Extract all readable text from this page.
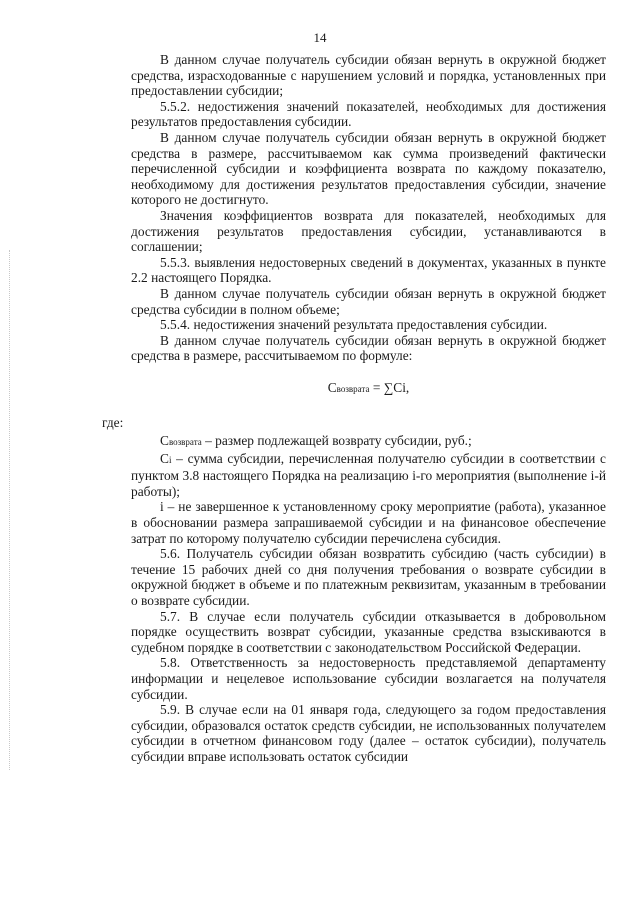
14

В данном случае получатель субсидии обязан вернуть в окружной бюджет средства, израсходованные с нарушением условий и порядка, установленных при предоставлении субсидии;

5.5.2. недостижения значений показателей, необходимых для достижения результатов предоставления субсидии.

В данном случае получатель субсидии обязан вернуть в окружной бюджет средства в размере, рассчитываемом как сумма произведений фактически перечисленной субсидии и коэффициента возврата по каждому показателю, необходимому для достижения результатов предоставления субсидии, значение которого не достигнуто.

Значения коэффициентов возврата для показателей, необходимых для достижения результатов предоставления субсидии, устанавливаются в соглашении;

5.5.3. выявления недостоверных сведений в документах, указанных в пункте 2.2 настоящего Порядка.

В данном случае получатель субсидии обязан вернуть в окружной бюджет средства субсидии в полном объеме;

5.5.4. недостижения значений результата предоставления субсидии.

В данном случае получатель субсидии обязан вернуть в окружной бюджет средства в размере, рассчитываемом по формуле:

Свозврата = ∑Сi,

где:

Свозврата – размер подлежащей возврату субсидии, руб.;

Сi – сумма субсидии, перечисленная получателю субсидии в соответствии с пунктом 3.8 настоящего Порядка на реализацию i-го мероприятия (выполнение i-й работы);

i – не завершенное к установленному сроку мероприятие (работа), указанное в обосновании размера запрашиваемой субсидии и на финансовое обеспечение затрат по которому получателю субсидии перечислена субсидия.

5.6. Получатель субсидии обязан возвратить субсидию (часть субсидии) в течение 15 рабочих дней со дня получения требования о возврате субсидии в окружной бюджет в объеме и по платежным реквизитам, указанным в требовании о возврате субсидии.

5.7. В случае если получатель субсидии отказывается в добровольном порядке осуществить возврат субсидии, указанные средства взыскиваются в судебном порядке в соответствии с законодательством Российской Федерации.

5.8. Ответственность за недостоверность представляемой департаменту информации и нецелевое использование субсидии возлагается на получателя субсидии.

5.9. В случае если на 01 января года, следующего за годом предоставления субсидии, образовался остаток средств субсидии, не использованных получателем субсидии в отчетном финансовом году (далее – остаток субсидии), получатель субсидии вправе использовать остаток субсидии
